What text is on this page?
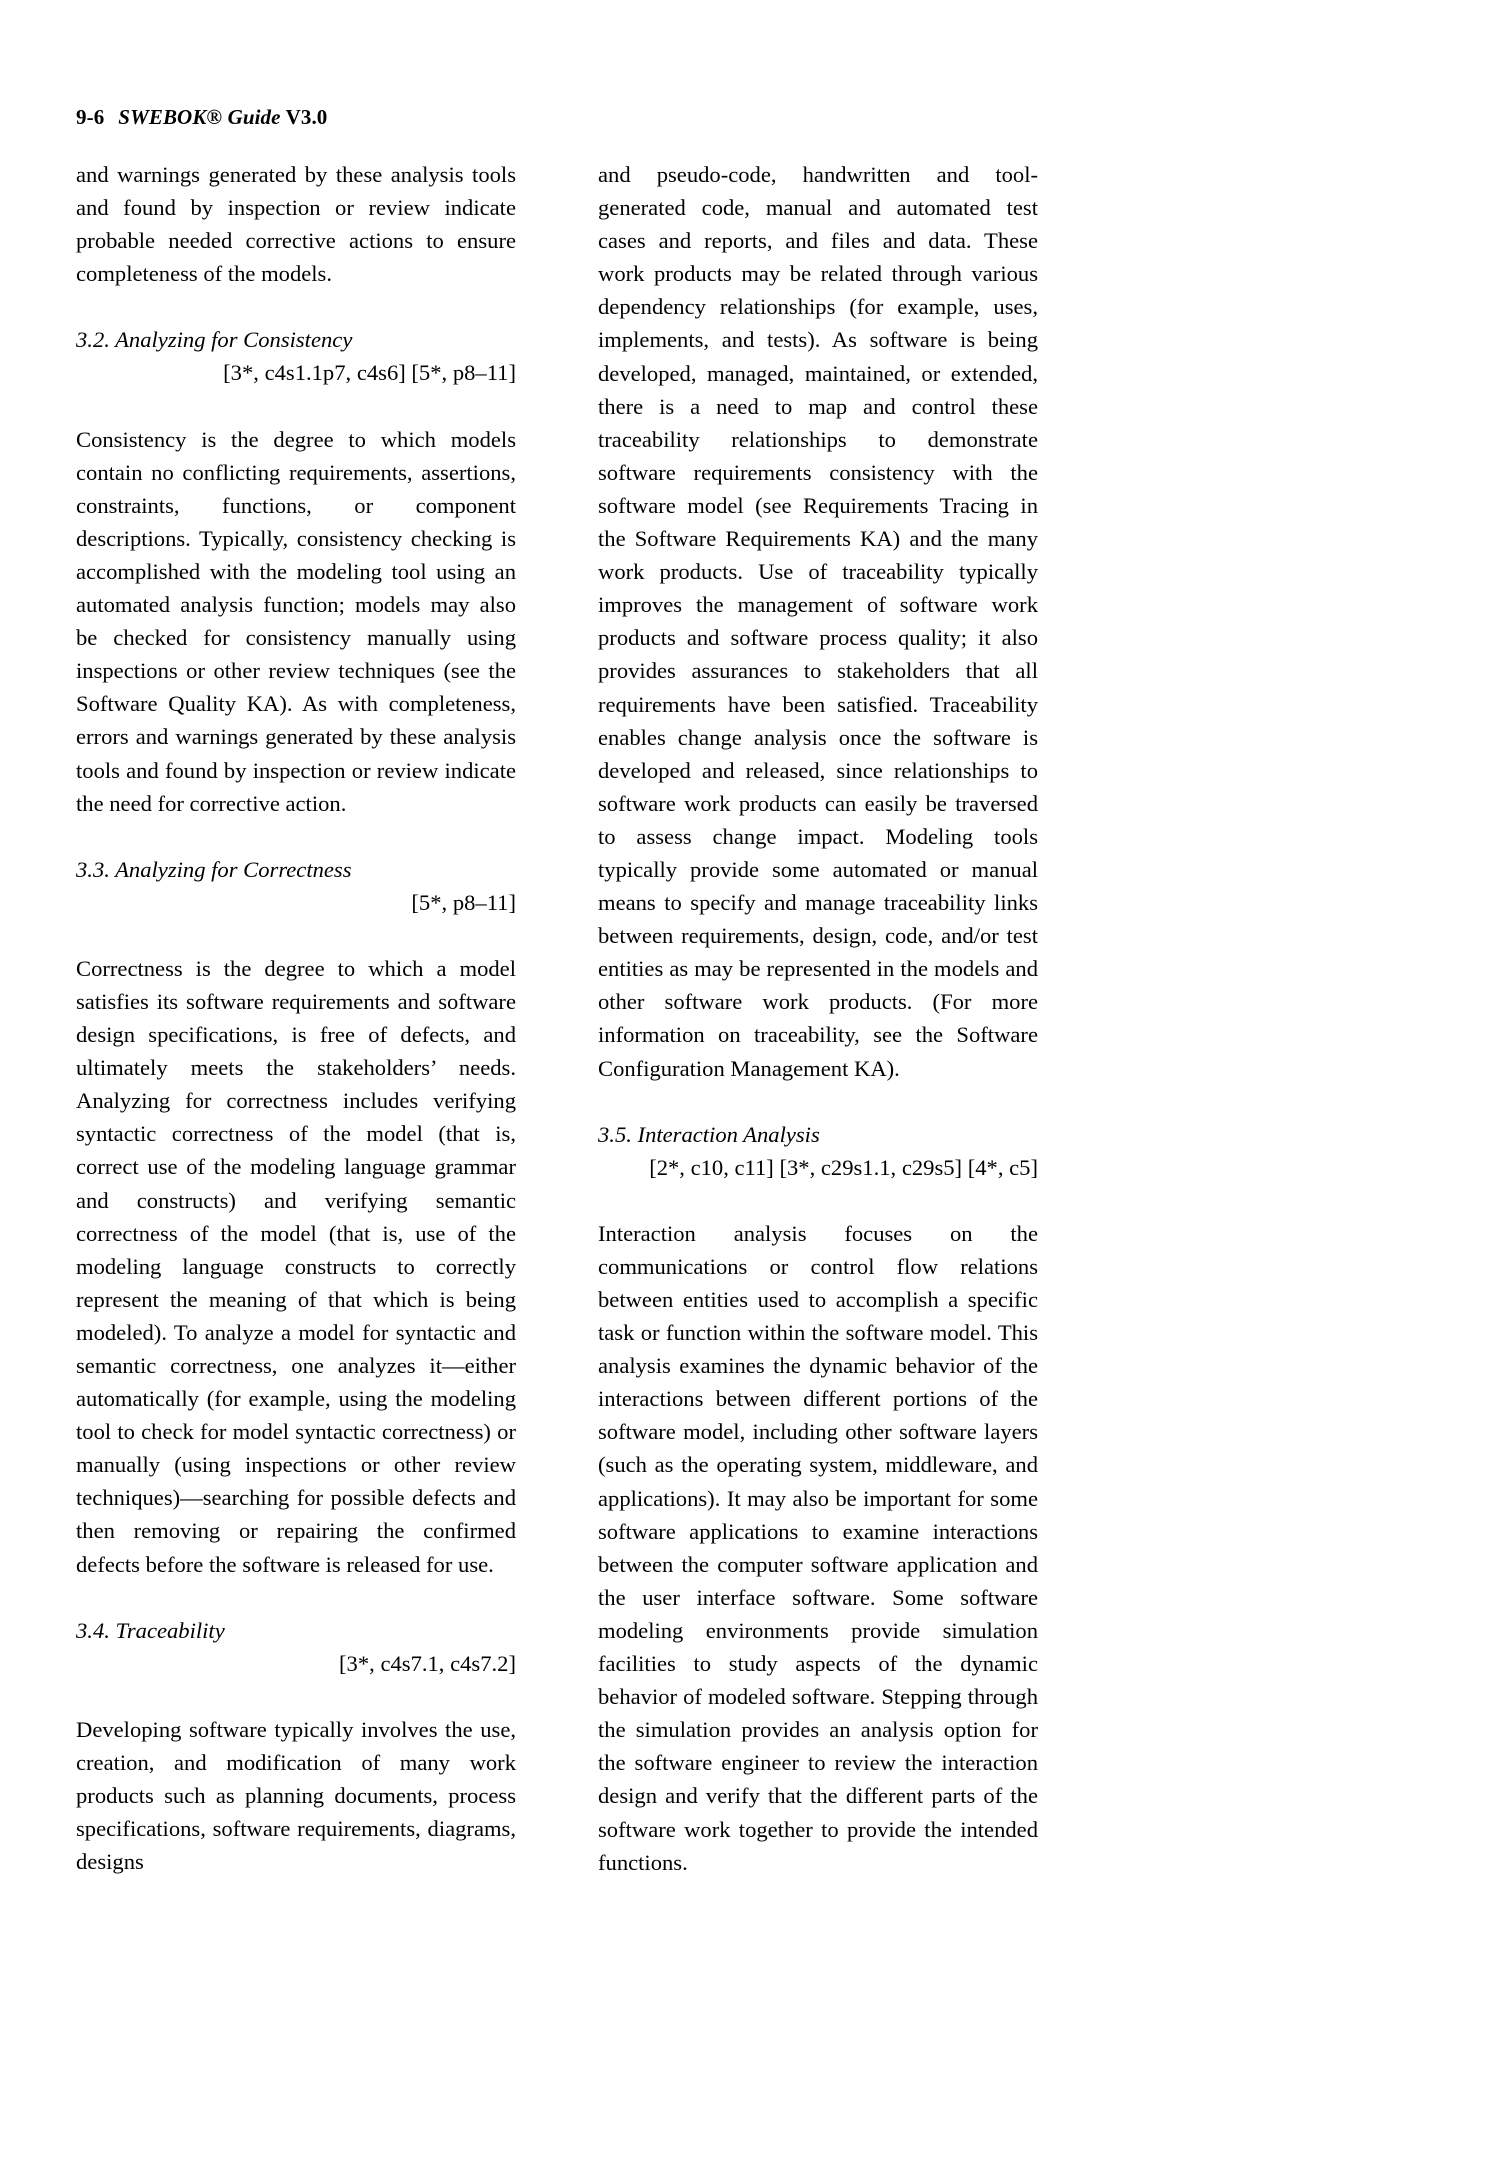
9-6 SWEBOK® Guide V3.0

and warnings generated by these analysis tools and found by inspection or review indicate probable needed corrective actions to ensure completeness of the models.

3.2. Analyzing for Consistency

[3*, c4s1.1p7, c4s6] [5*, p8–11]

Consistency is the degree to which models contain no conflicting requirements, assertions, constraints, functions, or component descriptions. Typically, consistency checking is accomplished with the modeling tool using an automated analysis function; models may also be checked for consistency manually using inspections or other review techniques (see the Software Quality KA). As with completeness, errors and warnings generated by these analysis tools and found by inspection or review indicate the need for corrective action.

3.3. Analyzing for Correctness

[5*, p8–11]

Correctness is the degree to which a model satisfies its software requirements and software design specifications, is free of defects, and ultimately meets the stakeholders’ needs. Analyzing for correctness includes verifying syntactic correctness of the model (that is, correct use of the modeling language grammar and constructs) and verifying semantic correctness of the model (that is, use of the modeling language constructs to correctly represent the meaning of that which is being modeled). To analyze a model for syntactic and semantic correctness, one analyzes it—either automatically (for example, using the modeling tool to check for model syntactic correctness) or manually (using inspections or other review techniques)—searching for possible defects and then removing or repairing the confirmed defects before the software is released for use.

3.4. Traceability

[3*, c4s7.1, c4s7.2]

Developing software typically involves the use, creation, and modification of many work products such as planning documents, process specifications, software requirements, diagrams, designs

and pseudo-code, handwritten and tool-generated code, manual and automated test cases and reports, and files and data. These work products may be related through various dependency relationships (for example, uses, implements, and tests). As software is being developed, managed, maintained, or extended, there is a need to map and control these traceability relationships to demonstrate software requirements consistency with the software model (see Requirements Tracing in the Software Requirements KA) and the many work products. Use of traceability typically improves the management of software work products and software process quality; it also provides assurances to stakeholders that all requirements have been satisfied. Traceability enables change analysis once the software is developed and released, since relationships to software work products can easily be traversed to assess change impact. Modeling tools typically provide some automated or manual means to specify and manage traceability links between requirements, design, code, and/or test entities as may be represented in the models and other software work products. (For more information on traceability, see the Software Configuration Management KA).

3.5. Interaction Analysis

[2*, c10, c11] [3*, c29s1.1, c29s5] [4*, c5]

Interaction analysis focuses on the communications or control flow relations between entities used to accomplish a specific task or function within the software model. This analysis examines the dynamic behavior of the interactions between different portions of the software model, including other software layers (such as the operating system, middleware, and applications). It may also be important for some software applications to examine interactions between the computer software application and the user interface software. Some software modeling environments provide simulation facilities to study aspects of the dynamic behavior of modeled software. Stepping through the simulation provides an analysis option for the software engineer to review the interaction design and verify that the different parts of the software work together to provide the intended functions.
